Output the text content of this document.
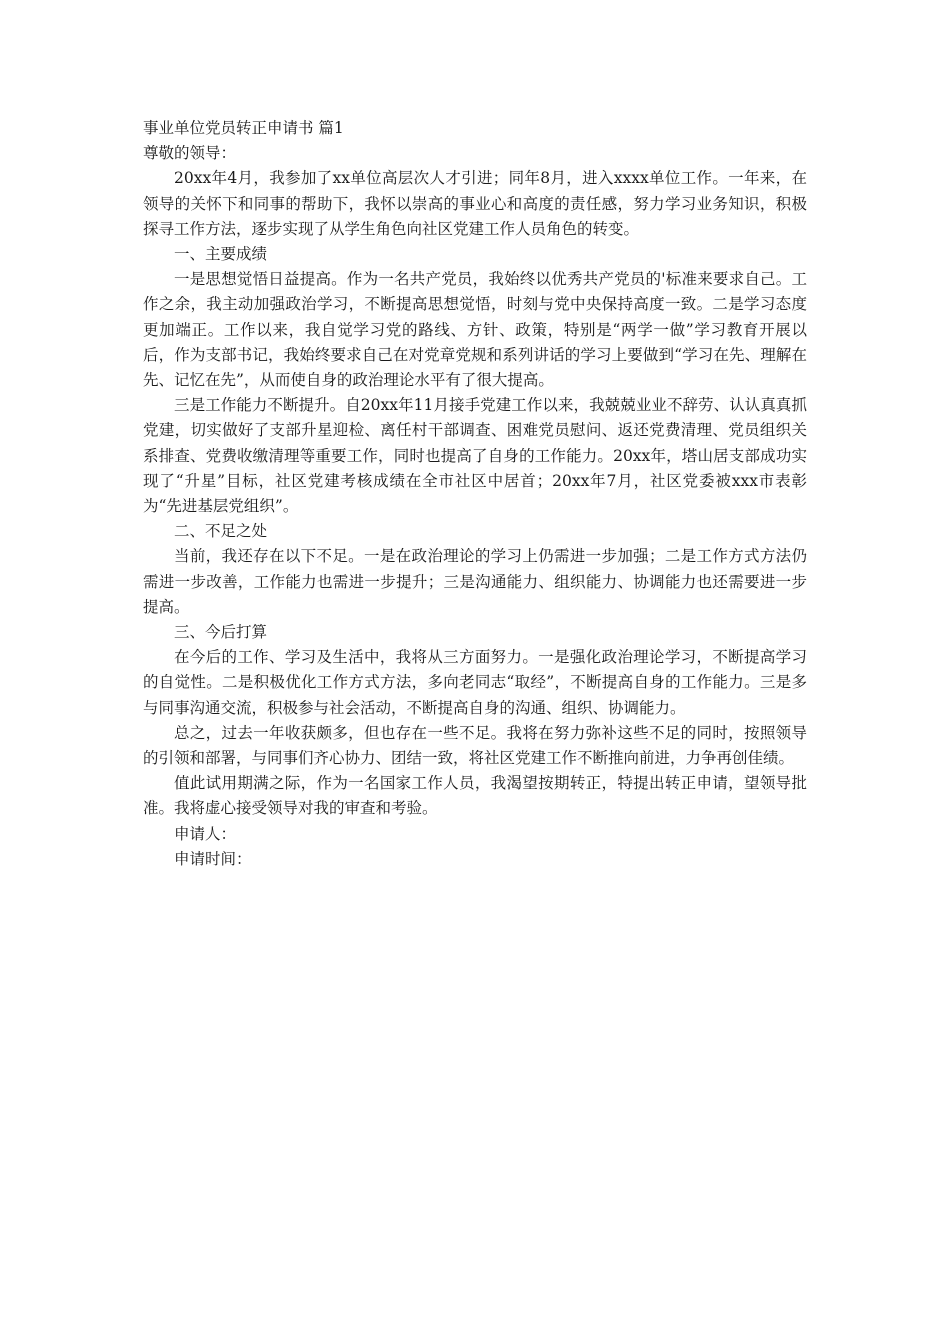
事业单位党员转正申请书 篇1

尊敬的领导：

20xx年4月，我参加了xx单位高层次人才引进；同年8月，进入xxxx单位工作。一年来，在领导的关怀下和同事的帮助下，我怀以崇高的事业心和高度的责任感，努力学习业务知识，积极探寻工作方法，逐步实现了从学生角色向社区党建工作人员角色的转变。

一、主要成绩

一是思想觉悟日益提高。作为一名共产党员，我始终以优秀共产党员的'标准来要求自己。工作之余，我主动加强政治学习，不断提高思想觉悟，时刻与党中央保持高度一致。二是学习态度更加端正。工作以来，我自觉学习党的路线、方针、政策，特别是“两学一做”学习教育开展以后，作为支部书记，我始终要求自己在对党章党规和系列讲话的学习上要做到“学习在先、理解在先、记忆在先”，从而使自身的政治理论水平有了很大提高。

三是工作能力不断提升。自20xx年11月接手党建工作以来，我兢兢业业不辞劳、认认真真抓党建，切实做好了支部升星迎检、离任村干部调查、困难党员慰问、返还党费清理、党员组织关系排查、党费收缴清理等重要工作，同时也提高了自身的工作能力。20xx年，塔山居支部成功实现了“升星”目标，社区党建考核成绩在全市社区中居首；20xx年7月，社区党委被xxx市表彰为“先进基层党组织”。

二、不足之处

当前，我还存在以下不足。一是在政治理论的学习上仍需进一步加强；二是工作方式方法仍需进一步改善，工作能力也需进一步提升；三是沟通能力、组织能力、协调能力也还需要进一步提高。

三、今后打算

在今后的工作、学习及生活中，我将从三方面努力。一是强化政治理论学习，不断提高学习的自觉性。二是积极优化工作方式方法，多向老同志“取经”，不断提高自身的工作能力。三是多与同事沟通交流，积极参与社会活动，不断提高自身的沟通、组织、协调能力。

总之，过去一年收获颇多，但也存在一些不足。我将在努力弥补这些不足的同时，按照领导的引领和部署，与同事们齐心协力、团结一致，将社区党建工作不断推向前进，力争再创佳绩。

值此试用期满之际，作为一名国家工作人员，我渴望按期转正，特提出转正申请，望领导批准。我将虚心接受领导对我的审查和考验。

申请人：

申请时间：
